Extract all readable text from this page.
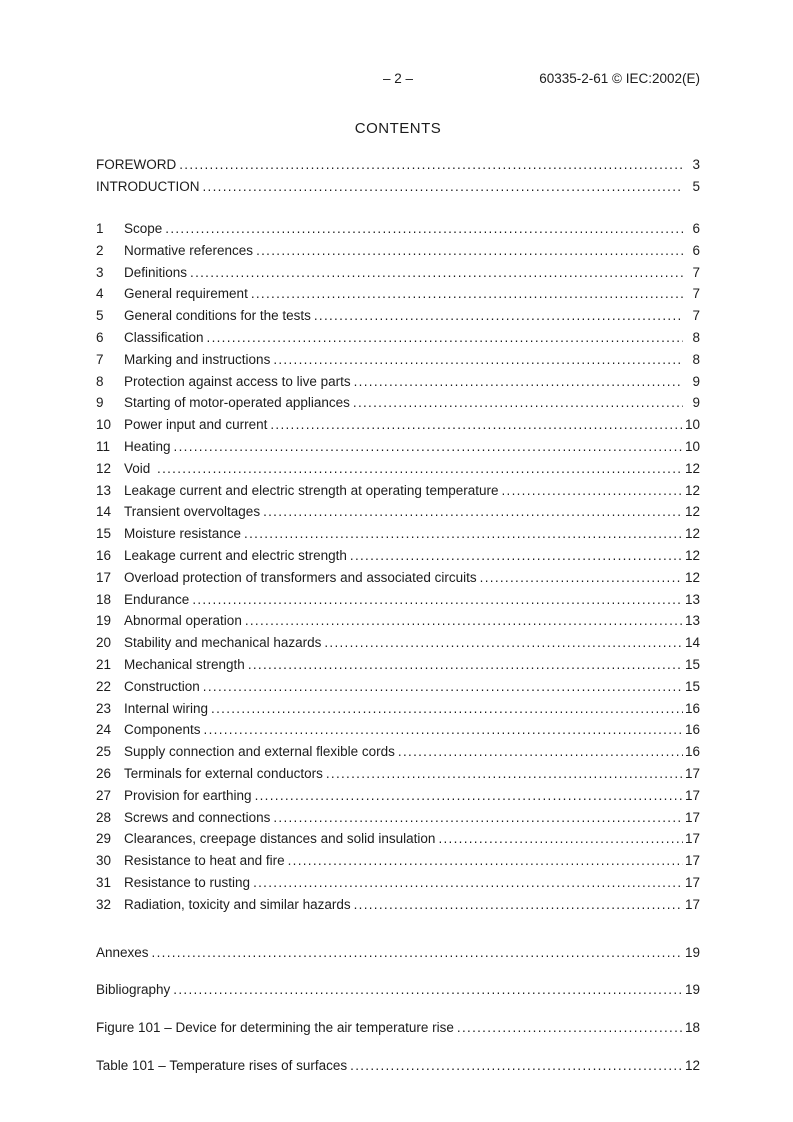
– 2 –	60335-2-61 © IEC:2002(E)
CONTENTS
FOREWORD .....	3
INTRODUCTION .....	5
1	Scope .....	6
2	Normative references .....	6
3	Definitions .....	7
4	General requirement .....	7
5	General conditions for the tests .....	7
6	Classification .....	8
7	Marking and instructions .....	8
8	Protection against access to live parts .....	9
9	Starting of motor-operated appliances .....	9
10 Power input and current .....	10
11	Heating .....	10
12 Void .....	12
13 Leakage current and electric strength at operating temperature .....	12
14 Transient overvoltages .....	12
15 Moisture resistance .....	12
16 Leakage current and electric strength .....	12
17 Overload protection of transformers and associated circuits .....	12
18 Endurance .....	13
19 Abnormal operation .....	13
20 Stability and mechanical hazards .....	14
21 Mechanical strength .....	15
22 Construction .....	15
23 Internal wiring .....	16
24 Components .....	16
25 Supply connection and external flexible cords .....	16
26 Terminals for external conductors .....	17
27 Provision for earthing .....	17
28 Screws and connections .....	17
29 Clearances, creepage distances and solid insulation .....	17
30 Resistance to heat and fire .....	17
31 Resistance to rusting .....	17
32 Radiation, toxicity and similar hazards .....	17
Annexes .....	19
Bibliography .....	19
Figure 101 – Device for determining the air temperature rise .....	18
Table 101 – Temperature rises of surfaces .....	12
